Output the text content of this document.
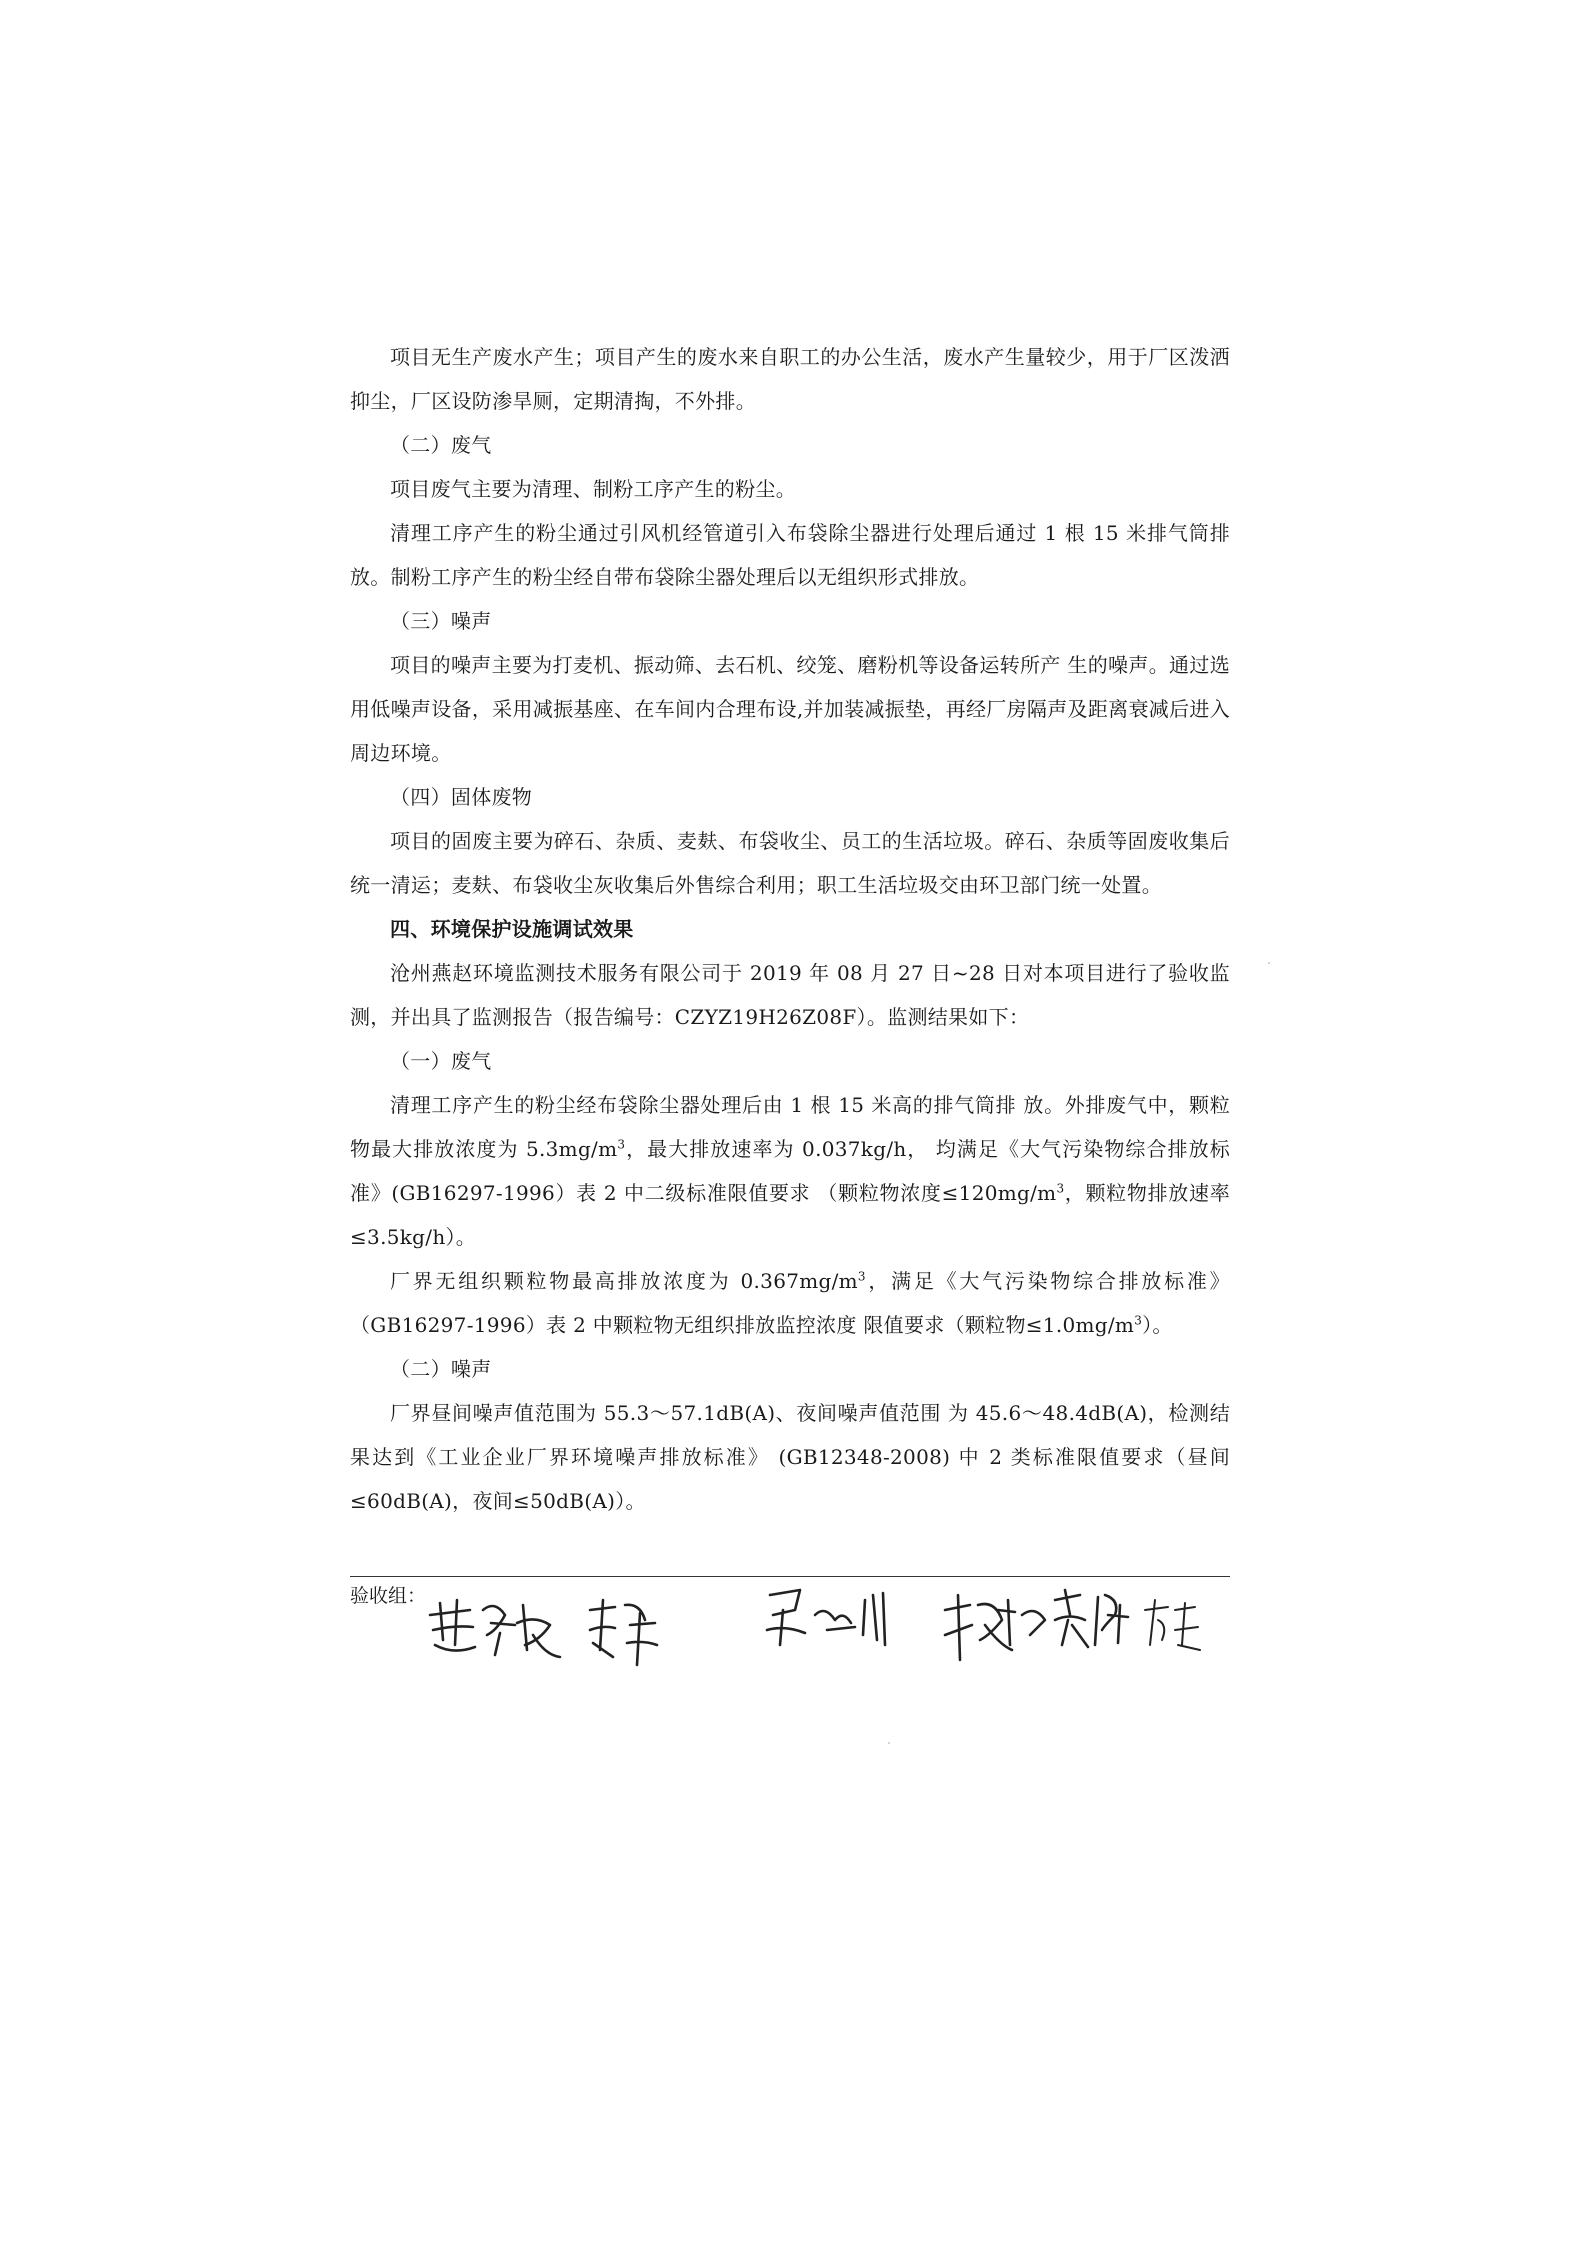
项目无生产废水产生；项目产生的废水来自职工的办公生活，废水产生量较少，用于厂区泼洒抑尘，厂区设防渗旱厕，定期清掏，不外排。

（二）废气

项目废气主要为清理、制粉工序产生的粉尘。

清理工序产生的粉尘通过引风机经管道引入布袋除尘器进行处理后通过 1 根 15 米排气筒排放。制粉工序产生的粉尘经自带布袋除尘器处理后以无组织形式排放。

（三）噪声

项目的噪声主要为打麦机、振动筛、去石机、绞笼、磨粉机等设备运转所产 生的噪声。通过选用低噪声设备，采用减振基座、在车间内合理布设,并加装减振垫，再经厂房隔声及距离衰减后进入周边环境。

（四）固体废物

项目的固废主要为碎石、杂质、麦麸、布袋收尘、员工的生活垃圾。碎石、杂质等固废收集后统一清运；麦麸、布袋收尘灰收集后外售综合利用；职工生活垃圾交由环卫部门统一处置。

四、环境保护设施调试效果

沧州燕赵环境监测技术服务有限公司于 2019 年 08 月 27 日~28 日对本项目进行了验收监测，并出具了监测报告（报告编号：CZYZ19H26Z08F）。监测结果如下：

（一）废气

清理工序产生的粉尘经布袋除尘器处理后由 1 根 15 米高的排气筒排 放。外排废气中，颗粒物最大排放浓度为 $5.3mg/m^3$，最大排放速率为 0.037kg/h， 均满足《大气污染物综合排放标准》(GB16297-1996）表 2 中二级标准限值要求 （颗粒物浓度$\le 120mg/m^3$，颗粒物排放速率≤3.5kg/h）。

厂界无组织颗粒物最高排放浓度为 $0.367mg/m^3$，满足《大气污染物综合排放标准》（GB16297-1996）表 2 中颗粒物无组织排放监控浓度 限值要求（颗粒物$\le 1.0mg/m^3$）。

（二）噪声

厂界昼间噪声值范围为 55.3～57.1dB(A)、夜间噪声值范围 为 45.6～48.4dB(A)，检测结果达到《工业企业厂界环境噪声排放标准》 (GB12348-2008) 中 2 类标准限值要求（昼间≤60dB(A)，夜间≤50dB(A)）。

验收组：
